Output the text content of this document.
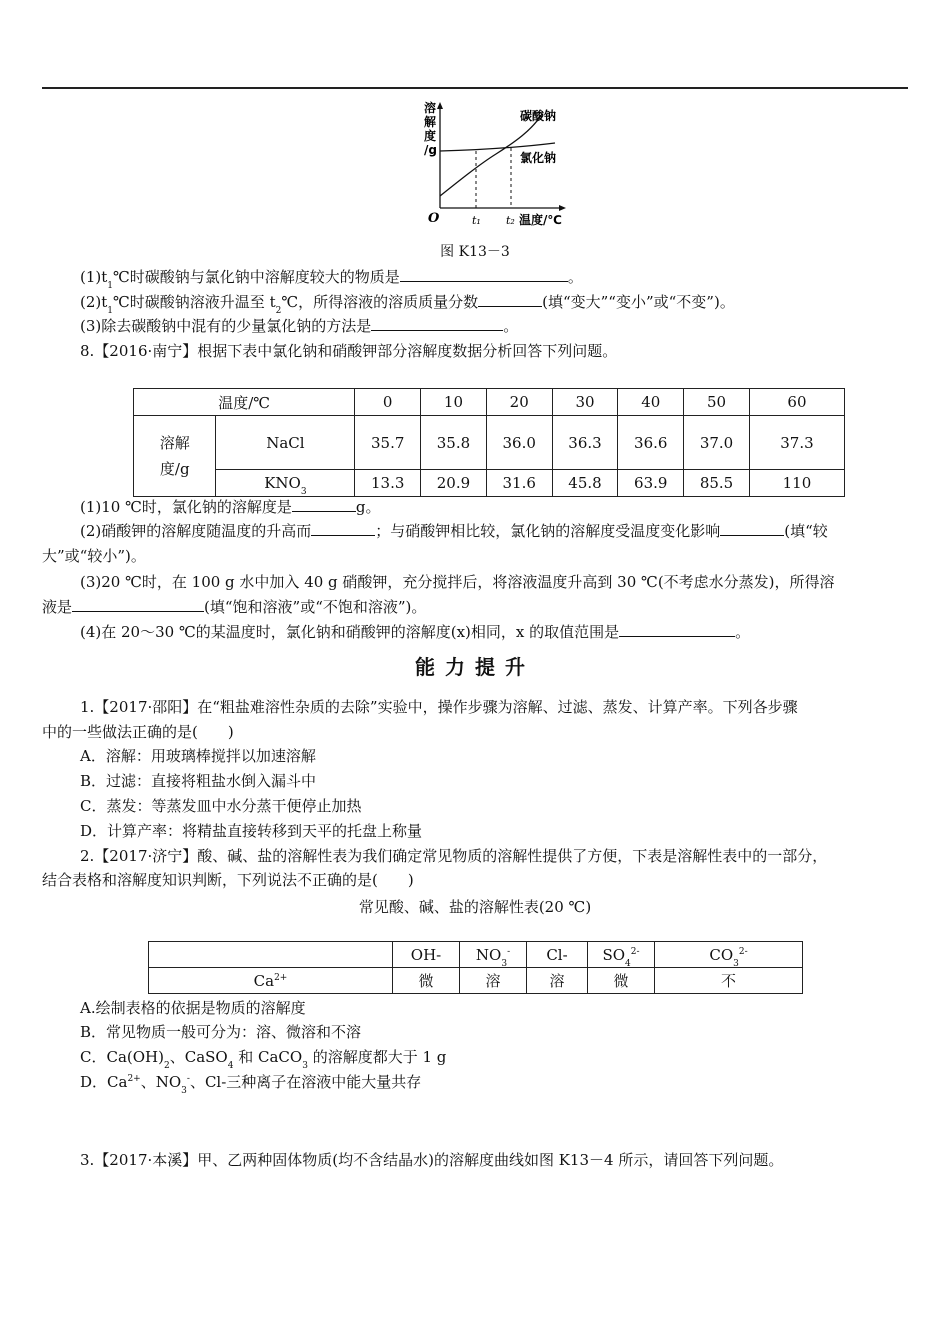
溶
解
度
/g
碳酸钠
氯化钠
O	t₁ t₂ 温度/℃
图 K13－3
$(1)t_1℃$时碳酸钠与氯化钠中溶解度较大的物质是	。
$(2)t_1℃$时碳酸钠溶液升温至 $t_2℃$，所得溶液的溶质质量分数	(填“变大”“变小”或“不变”)。
(3)除去碳酸钠中混有的少量氯化钠的方法是	。
8.【2016·南宁】根据下表中氯化钠和硝酸钾部分溶解度数据分析回答下列问题。
温度/℃		0	10	20	30	40	50	60
溶解
度/g	NaCl	35.7	35.8	36.0	36.3	36.6	37.0	37.3
	$KNO_3$	13.3	20.9	31.6	45.8	63.9	85.5	110
(1)10 ℃时，氯化钠的溶解度是	g。
(2)硝酸钾的溶解度随温度的升高而	；与硝酸钾相比较，氯化钠的溶解度受温度变化影响	(填“较
大”或“较小”)。
(3)20 ℃时，在 100 g 水中加入 40 g 硝酸钾，充分搅拌后，将溶液温度升高到 30 ℃(不考虑水分蒸发)，所得溶
液是	(填“饱和溶液”或“不饱和溶液”)。
(4)在 20～30 ℃的某温度时，氯化钠和硝酸钾的溶解度(x)相同，x 的取值范围是	。
能力提升
1.【2017·邵阳】在“粗盐难溶性杂质的去除”实验中，操作步骤为溶解、过滤、蒸发、计算产率。下列各步骤
中的一些做法正确的是(　　)
A．溶解：用玻璃棒搅拌以加速溶解
B．过滤：直接将粗盐水倒入漏斗中
C．蒸发：等蒸发皿中水分蒸干便停止加热
D．计算产率：将精盐直接转移到天平的托盘上称量
2.【2017·济宁】酸、碱、盐的溶解性表为我们确定常见物质的溶解性提供了方便，下表是溶解性表中的一部分，
结合表格和溶解度知识判断，下列说法不正确的是(　　)
常见酸、碱、盐的溶解性表(20 ℃)
	OH-	$NO_3^-$	Cl-	$SO_4^{2-}$	$CO_3^{2-}$
$Ca^{2+}$	微	溶	溶	微	不
A.绘制表格的依据是物质的溶解度
B．常见物质一般可分为：溶、微溶和不溶
C．$Ca(OH)_2$、CaSO$_4$ 和 CaCO$_3$ 的溶解度都大于 1 g
D．$Ca^{2+}$、$NO_3^-$、Cl-三种离子在溶液中能大量共存
3.【2017·本溪】甲、乙两种固体物质(均不含结晶水)的溶解度曲线如图 K13－4 所示，请回答下列问题。
